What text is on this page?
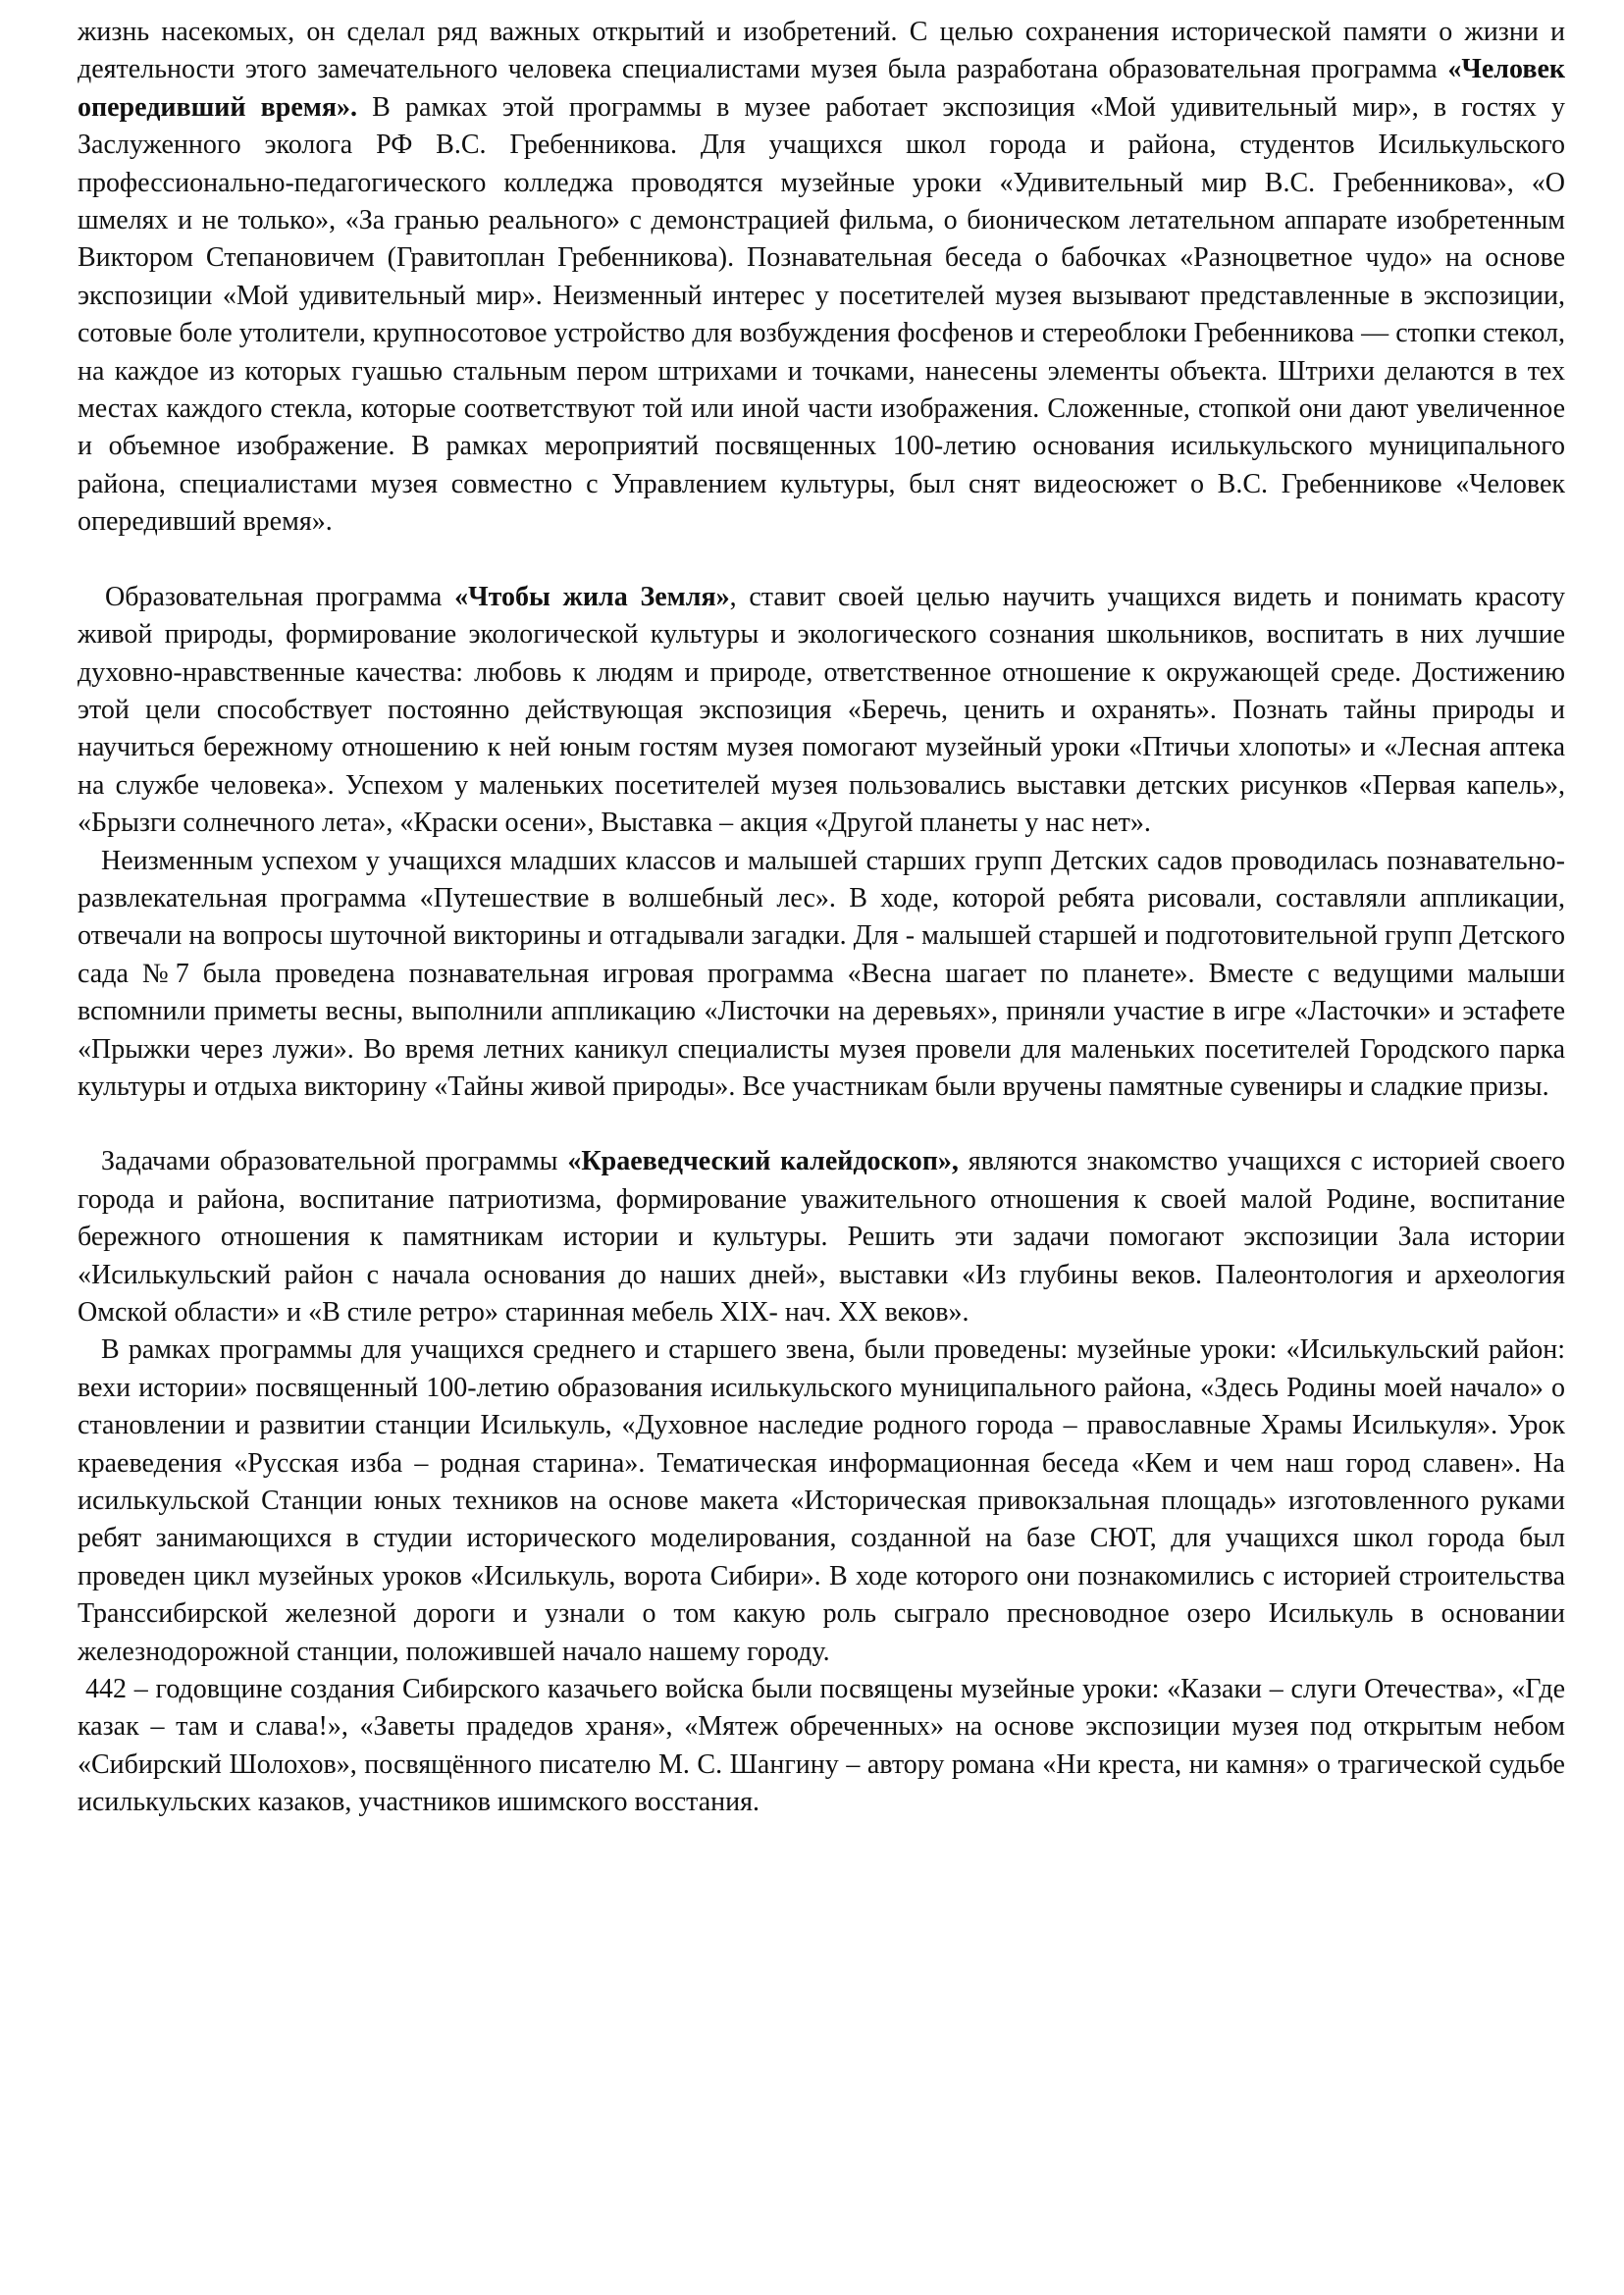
жизнь насекомых, он сделал ряд важных открытий и изобретений. С целью сохранения исторической памяти о жизни и деятельности этого замечательного человека специалистами музея была разработана образовательная программа «Человек опередивший время». В рамках этой программы в музее работает экспозиция «Мой удивительный мир», в гостях у Заслуженного эколога РФ В.С. Гребенникова. Для учащихся школ города и района, студентов Исилькульского профессионально-педагогического колледжа проводятся музейные уроки «Удивительный мир В.С. Гребенникова», «О шмелях и не только», «За гранью реального» с демонстрацией фильма, о бионическом летательном аппарате изобретенным Виктором Степановичем (Гравитоплан Гребенникова). Познавательная беседа о бабочках «Разноцветное чудо» на основе экспозиции «Мой удивительный мир». Неизменный интерес у посетителей музея вызывают представленные в экспозиции, сотовые боле утолители, крупносотовое устройство для возбуждения фосфенов и стереоблоки Гребенникова — стопки стекол, на каждое из которых гуашью стальным пером штрихами и точками, нанесены элементы объекта. Штрихи делаются в тех местах каждого стекла, которые соответствуют той или иной части изображения. Сложенные, стопкой они дают увеличенное и объемное изображение. В рамках мероприятий посвященных 100-летию основания исилькульского муниципального района, специалистами музея совместно с Управлением культуры, был снят видеосюжет о В.С. Гребенникове «Человек опередивший время».

Образовательная программа «Чтобы жила Земля», ставит своей целью научить учащихся видеть и понимать красоту живой природы, формирование экологической культуры и экологического сознания школьников, воспитать в них лучшие духовно-нравственные качества: любовь к людям и природе, ответственное отношение к окружающей среде. Достижению этой цели способствует постоянно действующая экспозиция «Беречь, ценить и охранять». Познать тайны природы и научиться бережному отношению к ней юным гостям музея помогают музейный уроки «Птичьи хлопоты» и «Лесная аптека на службе человека». Успехом у маленьких посетителей музея пользовались выставки детских рисунков «Первая капель», «Брызги солнечного лета», «Краски осени», Выставка – акция «Другой планеты у нас нет».

Неизменным успехом у учащихся младших классов и малышей старших групп Детских садов проводилась познавательно-развлекательная программа «Путешествие в волшебный лес». В ходе, которой ребята рисовали, составляли аппликации, отвечали на вопросы шуточной викторины и отгадывали загадки. Для - малышей старшей и подготовительной групп Детского сада №7 была проведена познавательная игровая программа «Весна шагает по планете». Вместе с ведущими малыши вспомнили приметы весны, выполнили аппликацию «Листочки на деревьях», приняли участие в игре «Ласточки» и эстафете «Прыжки через лужи». Во время летних каникул специалисты музея провели для маленьких посетителей Городского парка культуры и отдыха викторину «Тайны живой природы». Все участникам были вручены памятные сувениры и сладкие призы.

Задачами образовательной программы «Краеведческий калейдоскоп», являются знакомство учащихся с историей своего города и района, воспитание патриотизма, формирование уважительного отношения к своей малой Родине, воспитание бережного отношения к памятникам истории и культуры. Решить эти задачи помогают экспозиции Зала истории «Исилькульский район с начала основания до наших дней», выставки «Из глубины веков. Палеонтология и археология Омской области» и «В стиле ретро» старинная мебель XIX- нач. XX веков».

В рамках программы для учащихся среднего и старшего звена, были проведены: музейные уроки: «Исилькульский район: вехи истории» посвященный 100-летию образования исилькульского муниципального района, «Здесь Родины моей начало» о становлении и развитии станции Исилькуль, «Духовное наследие родного города – православные Храмы Исилькуля». Урок краеведения «Русская изба – родная старина». Тематическая информационная беседа «Кем и чем наш город славен». На исилькульской Станции юных техников на основе макета «Историческая привокзальная площадь» изготовленного руками ребят занимающихся в студии исторического моделирования, созданной на базе СЮТ, для учащихся школ города был проведен цикл музейных уроков «Исилькуль, ворота Сибири». В ходе которого они познакомились с историей строительства Транссибирской железной дороги и узнали о том какую роль сыграло пресноводное озеро Исилькуль в основании железнодорожной станции, положившей начало нашему городу.

442 – годовщине создания Сибирского казачьего войска были посвящены музейные уроки: «Казаки – слуги Отечества», «Где казак – там и слава!», «Заветы прадедов храня», «Мятеж обреченных» на основе экспозиции музея под открытым небом «Сибирский Шолохов», посвящённого писателю М. С. Шангину – автору романа «Ни креста, ни камня» о трагической судьбе исилькульских казаков, участников ишимского восстания.
